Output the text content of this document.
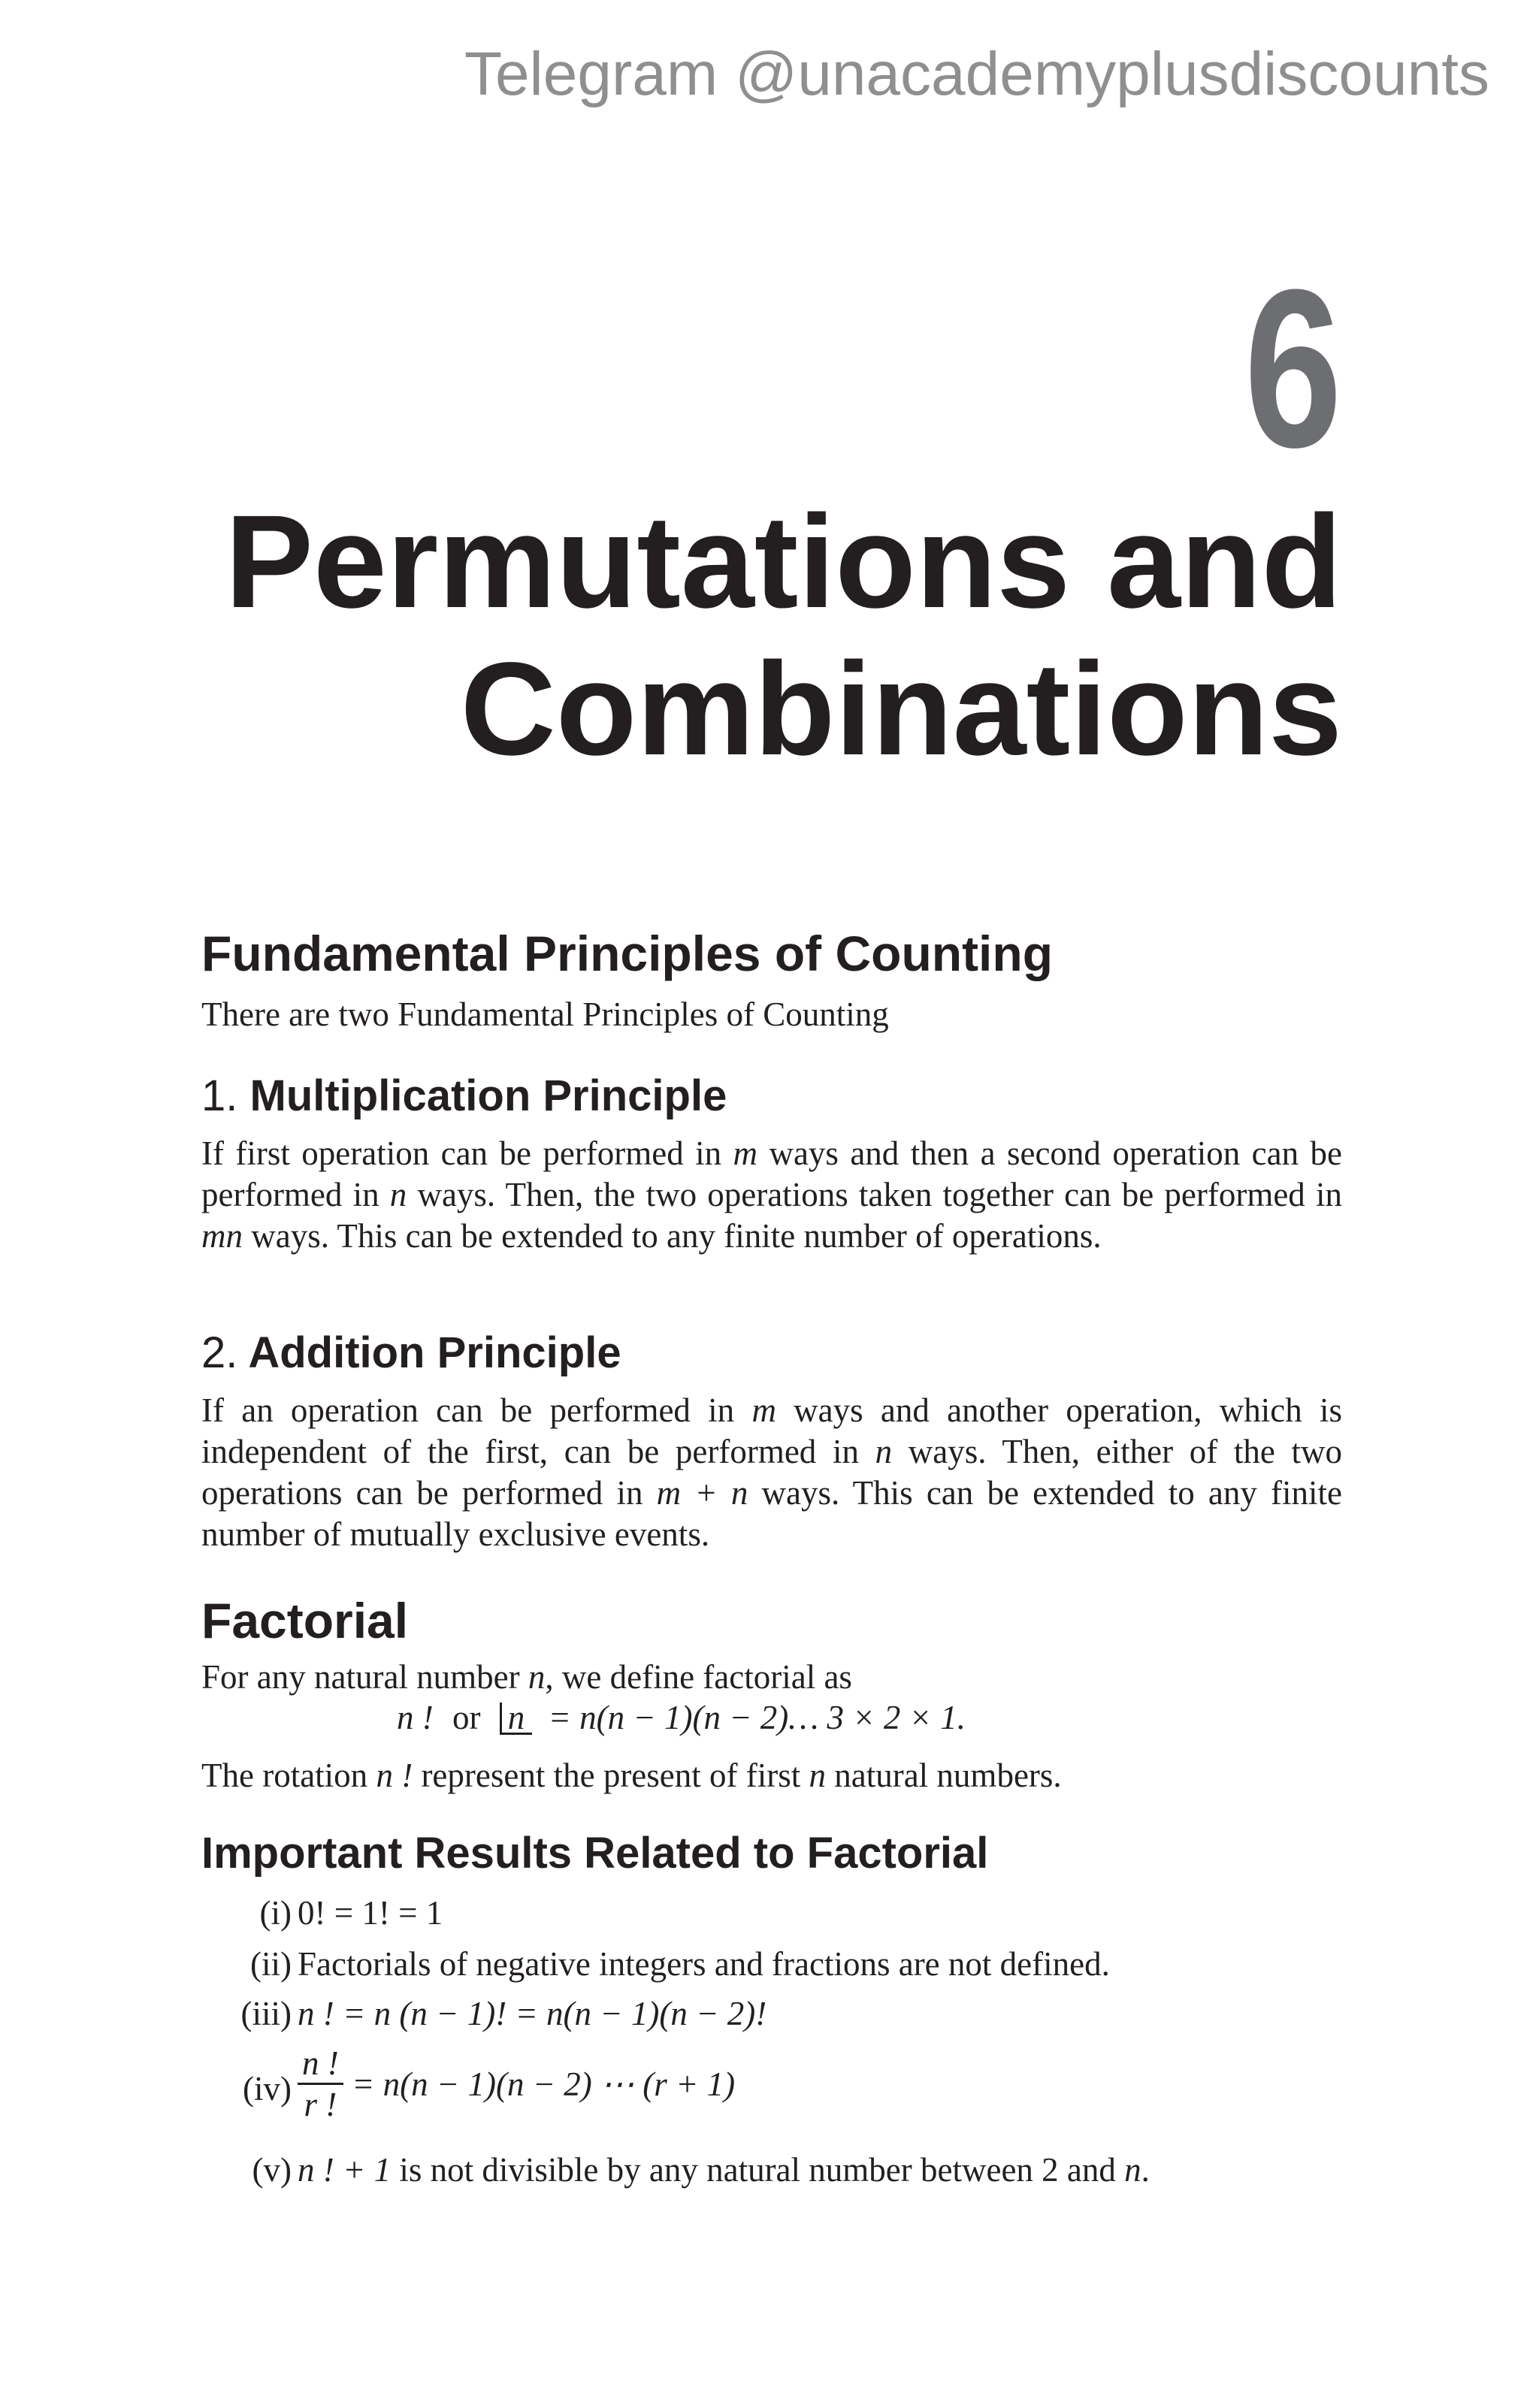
Telegram @unacademyplusdiscounts
6
Permutations and
Combinations
Fundamental Principles of Counting

There are two Fundamental Principles of Counting

1. Multiplication Principle

If first operation can be performed in m ways and then a second operation can be performed in n ways. Then, the two operations taken together can be performed in mn ways. This can be extended to any finite number of operations.

2. Addition Principle

If an operation can be performed in m ways and another operation, which is independent of the first, can be performed in n ways. Then, either of the two operations can be performed in m + n ways. This can be extended to any finite number of mutually exclusive events.

Factorial

For any natural number n, we define factorial as

n ! or n = n(n − 1)(n − 2)… 3 × 2 × 1.

The rotation n ! represent the present of first n natural numbers.

Important Results Related to Factorial
(i) 0! = 1! = 1
(ii) Factorials of negative integers and fractions are not defined.
(iii) n ! = n (n − 1)! = n(n − 1)(n − 2)!
$(iv) \frac{n !}{r !} = n(n - 1)(n - 2)$ ⋯ (r + 1)
(v) n ! + 1 is not divisible by any natural number between 2 and n.
